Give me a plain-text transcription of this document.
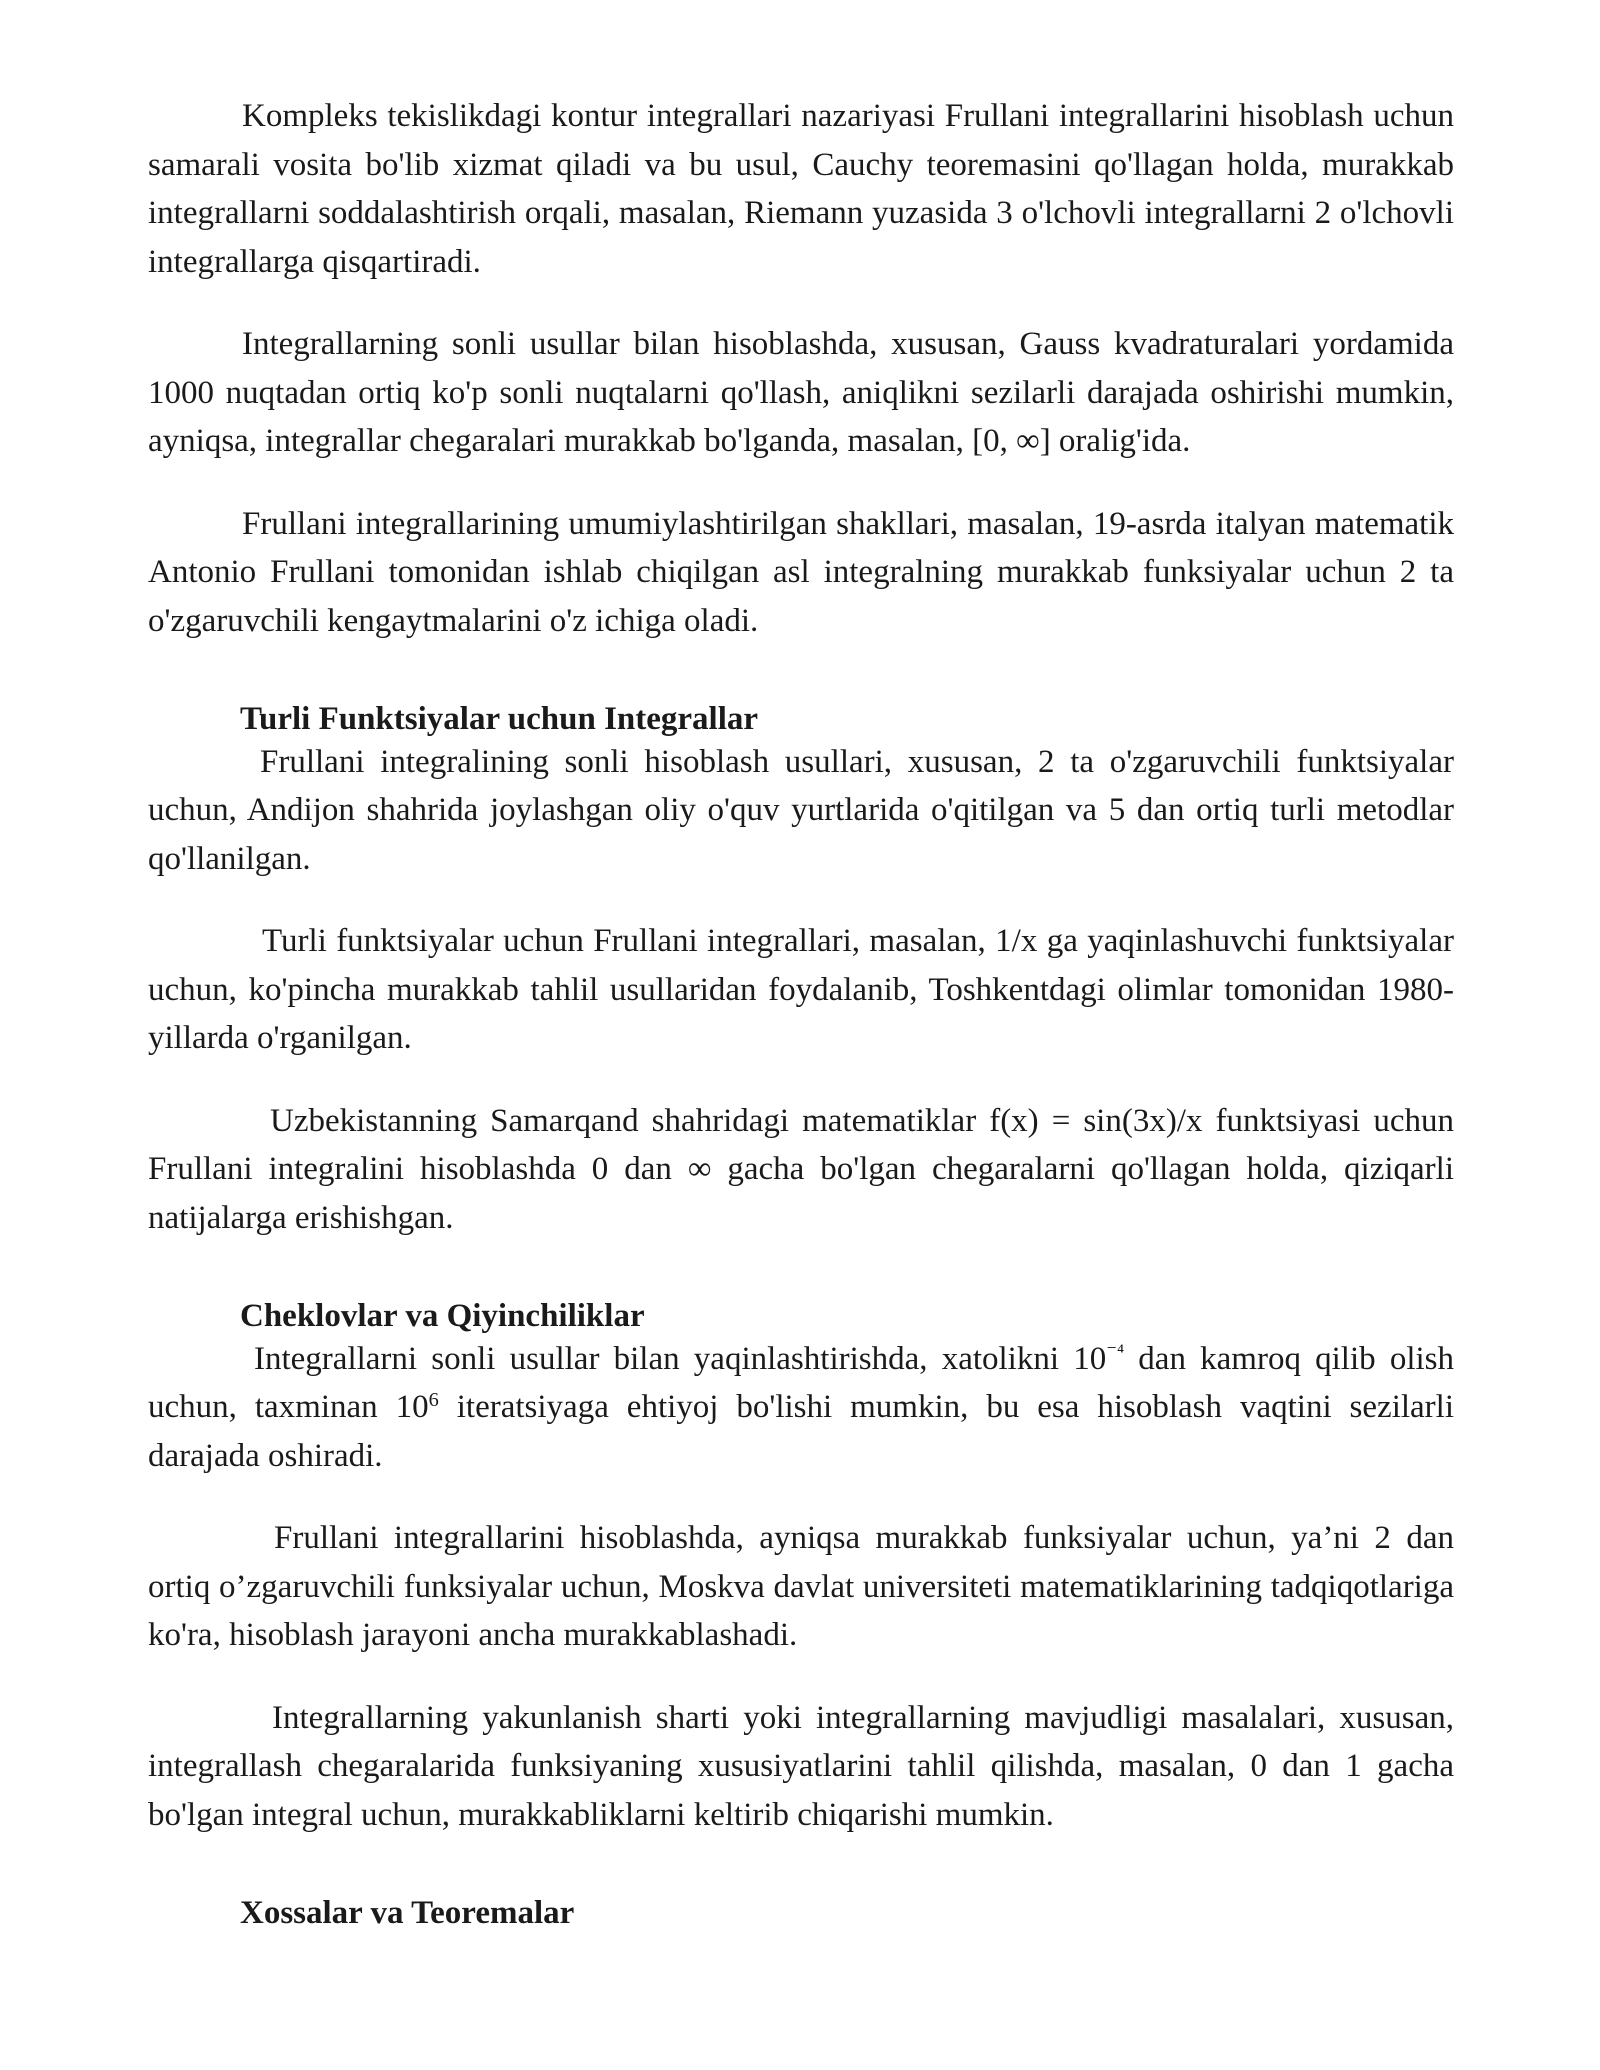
Kompleks tekislikdagi kontur integrallari nazariyasi Frullani integrallarini hisoblash uchun samarali vosita bo'lib xizmat qiladi va bu usul, Cauchy teoremasini qo'llagan holda, murakkab integrallarni soddalashtirish orqali, masalan, Riemann yuzasida 3 o'lchovli integrallarni 2 o'lchovli integrallarga qisqartiradi.

Integrallarning sonli usullar bilan hisoblashda, xususan, Gauss kvadraturalari yordamida 1000 nuqtadan ortiq ko'p sonli nuqtalarni qo'llash, aniqlikni sezilarli darajada oshirishi mumkin, ayniqsa, integrallar chegaralari murakkab bo'lganda, masalan, [0, ∞] oralig'ida.

Frullani integrallarining umumiylashtirilgan shakllari, masalan, 19-asrda italyan matematik Antonio Frullani tomonidan ishlab chiqilgan asl integralning murakkab funksiyalar uchun 2 ta o'zgaruvchili kengaytmalarini o'z ichiga oladi.

Turli Funktsiyalar uchun Integrallar

Frullani integralining sonli hisoblash usullari, xususan, 2 ta o'zgaruvchili funktsiyalar uchun, Andijon shahrida joylashgan oliy o'quv yurtlarida o'qitilgan va 5 dan ortiq turli metodlar qo'llanilgan.

Turli funktsiyalar uchun Frullani integrallari, masalan, 1/x ga yaqinlashuvchi funktsiyalar uchun, ko'pincha murakkab tahlil usullaridan foydalanib, Toshkentdagi olimlar tomonidan 1980-yillarda o'rganilgan.

Uzbekistanning Samarqand shahridagi matematiklar f(x) = sin(3x)/x funktsiyasi uchun Frullani integralini hisoblashda 0 dan ∞ gacha bo'lgan chegaralarni qo'llagan holda, qiziqarli natijalarga erishishgan.

Cheklovlar va Qiyinchiliklar

Integrallarni sonli usullar bilan yaqinlashtirishda, xatolikni $10^{^{-4}}$ dan kamroq qilib olish uchun, taxminan $10^6$ iteratsiyaga ehtiyoj bo'lishi mumkin, bu esa hisoblash vaqtini sezilarli darajada oshiradi.

Frullani integrallarini hisoblashda, ayniqsa murakkab funksiyalar uchun, ya’ni 2 dan ortiq o’zgaruvchili funksiyalar uchun, Moskva davlat universiteti matematiklarining tadqiqotlariga ko'ra, hisoblash jarayoni ancha murakkablashadi.

Integrallarning yakunlanish sharti yoki integrallarning mavjudligi masalalari, xususan, integrallash chegaralarida funksiyaning xususiyatlarini tahlil qilishda, masalan, 0 dan 1 gacha bo'lgan integral uchun, murakkabliklarni keltirib chiqarishi mumkin.

Xossalar va Teoremalar
